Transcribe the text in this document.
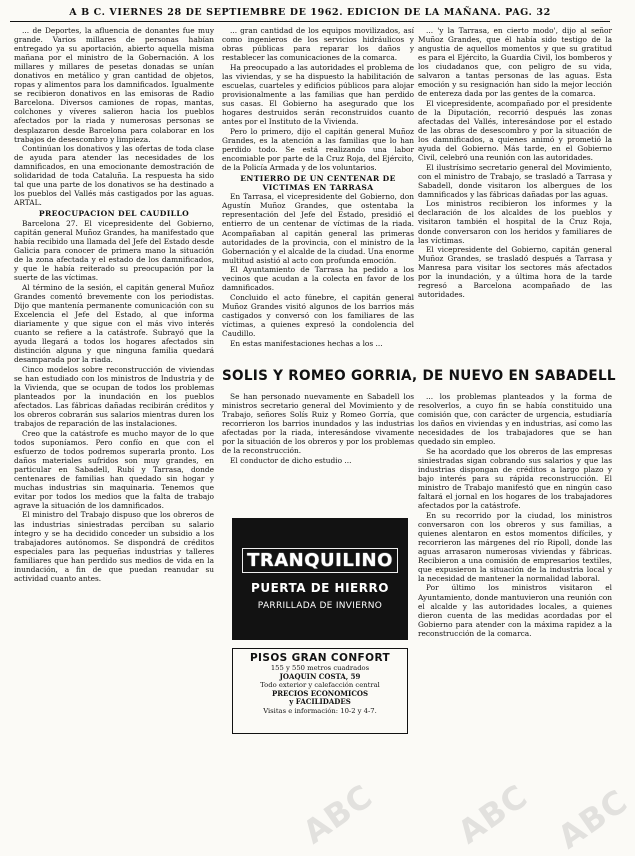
A B C. VIERNES 28 DE SEPTIEMBRE DE 1962. EDICION DE LA MAÑANA. PAG. 32

... de Deportes, la afluencia de donantes fue muy grande. Varios millares de personas habían entregado ya su aportación, abierto aquella misma mañana por el ministro de la Gobernación. A los millares y millares de pesetas donadas se unían donativos en metálico y gran cantidad de objetos, ropas y alimentos para los damnificados. Igualmente se recibieron donativos en las emisoras de Radio Barcelona. Diversos camiones de ropas, mantas, colchones y víveres salieron hacia los pueblos afectados por la riada y numerosas personas se desplazaron desde Barcelona para colaborar en los trabajos de desescombro y limpieza.

Continúan los donativos y las ofertas de toda clase de ayuda para atender las necesidades de los damnificados, en una emocionante demostración de solidaridad de toda Cataluña. La respuesta ha sido tal que una parte de los donativos se ha destinado a los pueblos del Vallés más castigados por las aguas. ARTAL.

PREOCUPACION DEL CAUDILLO

Barcelona 27. El vicepresidente del Gobierno, capitán general Muñoz Grandes, ha manifestado que había recibido una llamada del Jefe del Estado desde Galicia para conocer de primera mano la situación de la zona afectada y el estado de los damnificados, y que le había reiterado su preocupación por la suerte de las víctimas.

Al término de la sesión, el capitán general Muñoz Grandes comentó brevemente con los periodistas. Dijo que mantenía permanente comunicación con su Excelencia el Jefe del Estado, al que informa diariamente y que sigue con el más vivo interés cuanto se refiere a la catástrofe. Subrayó que la ayuda llegará a todos los hogares afectados sin distinción alguna y que ninguna familia quedará desamparada por la riada.

Cinco modelos sobre reconstrucción de viviendas se han estudiado con los ministros de Industria y de la Vivienda, que se ocupan de todos los problemas planteados por la inundación en los pueblos afectados. Las fábricas dañadas recibirán créditos y los obreros cobrarán sus salarios mientras duren los trabajos de reparación de las instalaciones.

Creo que la catástrofe es mucho mayor de lo que todos suponíamos. Pero confío en que con el esfuerzo de todos podremos superarla pronto. Los daños materiales sufridos son muy grandes, en particular en Sabadell, Rubí y Tarrasa, donde centenares de familias han quedado sin hogar y muchas industrias sin maquinaria. Tenemos que evitar por todos los medios que la falta de trabajo agrave la situación de los damnificados.

El ministro del Trabajo dispuso que los obreros de las industrias siniestradas perciban su salario íntegro y se ha decidido conceder un subsidio a los trabajadores autónomos. Se dispondrá de créditos especiales para las pequeñas industrias y talleres familiares que han perdido sus medios de vida en la inundación, a fin de que puedan reanudar su actividad cuanto antes.

... gran cantidad de los equipos movilizados, así como ingenieros de los servicios hidráulicos y obras públicas para reparar los daños y restablecer las comunicaciones de la comarca.

Ha preocupado a las autoridades el problema de las viviendas, y se ha dispuesto la habilitación de escuelas, cuarteles y edificios públicos para alojar provisionalmente a las familias que han perdido sus casas. El Gobierno ha asegurado que los hogares destruidos serán reconstruidos cuanto antes por el Instituto de la Vivienda.

Pero lo primero, dijo el capitán general Muñoz Grandes, es la atención a las familias que lo han perdido todo. Se está realizando una labor encomiable por parte de la Cruz Roja, del Ejército, de la Policía Armada y de los voluntarios.

ENTIERRO DE UN CENTENAR DE VICTIMAS EN TARRASA

En Tarrasa, el vicepresidente del Gobierno, don Agustín Muñoz Grandes, que ostentaba la representación del Jefe del Estado, presidió el entierro de un centenar de víctimas de la riada. Acompañaban al capitán general las primeras autoridades de la provincia, con el ministro de la Gobernación y el alcalde de la ciudad. Una enorme multitud asistió al acto con profunda emoción.

El Ayuntamiento de Tarrasa ha pedido a los vecinos que acudan a la colecta en favor de los damnificados.

Concluido el acto fúnebre, el capitán general Muñoz Grandes visitó algunos de los barrios más castigados y conversó con los familiares de las víctimas, a quienes expresó la condolencia del Caudillo.

En estas manifestaciones hechas a los ...

... 'y la Tarrasa, en cierto modo', dijo al señor Muñoz Grandes, que él había sido testigo de la angustia de aquellos momentos y que su gratitud es para el Ejército, la Guardia Civil, los bomberos y los ciudadanos que, con peligro de su vida, salvaron a tantas personas de las aguas. Esta emoción y su resignación han sido la mejor lección de entereza dada por las gentes de la comarca.

El vicepresidente, acompañado por el presidente de la Diputación, recorrió después las zonas afectadas del Vallés, interesándose por el estado de las obras de desescombro y por la situación de los damnificados, a quienes animó y prometió la ayuda del Gobierno. Más tarde, en el Gobierno Civil, celebró una reunión con las autoridades.

El ilustrísimo secretario general del Movimiento, con el ministro de Trabajo, se trasladó a Tarrasa y Sabadell, donde visitaron los albergues de los damnificados y las fábricas dañadas por las aguas.

Los ministros recibieron los informes y la declaración de los alcaldes de los pueblos y visitaron también el hospital de la Cruz Roja, donde conversaron con los heridos y familiares de las víctimas.

El vicepresidente del Gobierno, capitán general Muñoz Grandes, se trasladó después a Tarrasa y Manresa para visitar los sectores más afectados por la inundación, y a última hora de la tarde regresó a Barcelona acompañado de las autoridades.

SOLIS Y ROMEO GORRIA, DE NUEVO EN SABADELL

Se han personado nuevamente en Sabadell los ministros secretario general del Movimiento y de Trabajo, señores Solís Ruiz y Romeo Gorría, que recorrieron los barrios inundados y las industrias afectadas por la riada, interesándose vivamente por la situación de los obreros y por los problemas de la reconstrucción.

El conductor de dicho estudio ...

... los problemas planteados y la forma de resolverlos, a cuyo fin se había constituido una comisión que, con carácter de urgencia, estudiaría los daños en viviendas y en industrias, así como las necesidades de los trabajadores que se han quedado sin empleo.

Se ha acordado que los obreros de las empresas siniestradas sigan cobrando sus salarios y que las industrias dispongan de créditos a largo plazo y bajo interés para su rápida reconstrucción. El ministro de Trabajo manifestó que en ningún caso faltará el jornal en los hogares de los trabajadores afectados por la catástrofe.

En su recorrido por la ciudad, los ministros conversaron con los obreros y sus familias, a quienes alentaron en estos momentos difíciles, y recorrieron las márgenes del río Ripoll, donde las aguas arrasaron numerosas viviendas y fábricas. Recibieron a una comisión de empresarios textiles, que expusieron la situación de la industria local y la necesidad de mantener la normalidad laboral.

Por último los ministros visitaron el Ayuntamiento, donde mantuvieron una reunión con el alcalde y las autoridades locales, a quienes dieron cuenta de las medidas acordadas por el Gobierno para atender con la máxima rapidez a la reconstrucción de la comarca.

TRANQUILINO
PUERTA DE HIERRO
PARRILLADA DE INVIERNO
PISOS GRAN CONFORT
155 y 550 metros cuadrados
JOAQUIN COSTA, 59
Todo exterior y calefacción central
PRECIOS ECONOMICOS
y FACILIDADES
Visitas e información: 10-2 y 4-7.
ABC ABC ABC
